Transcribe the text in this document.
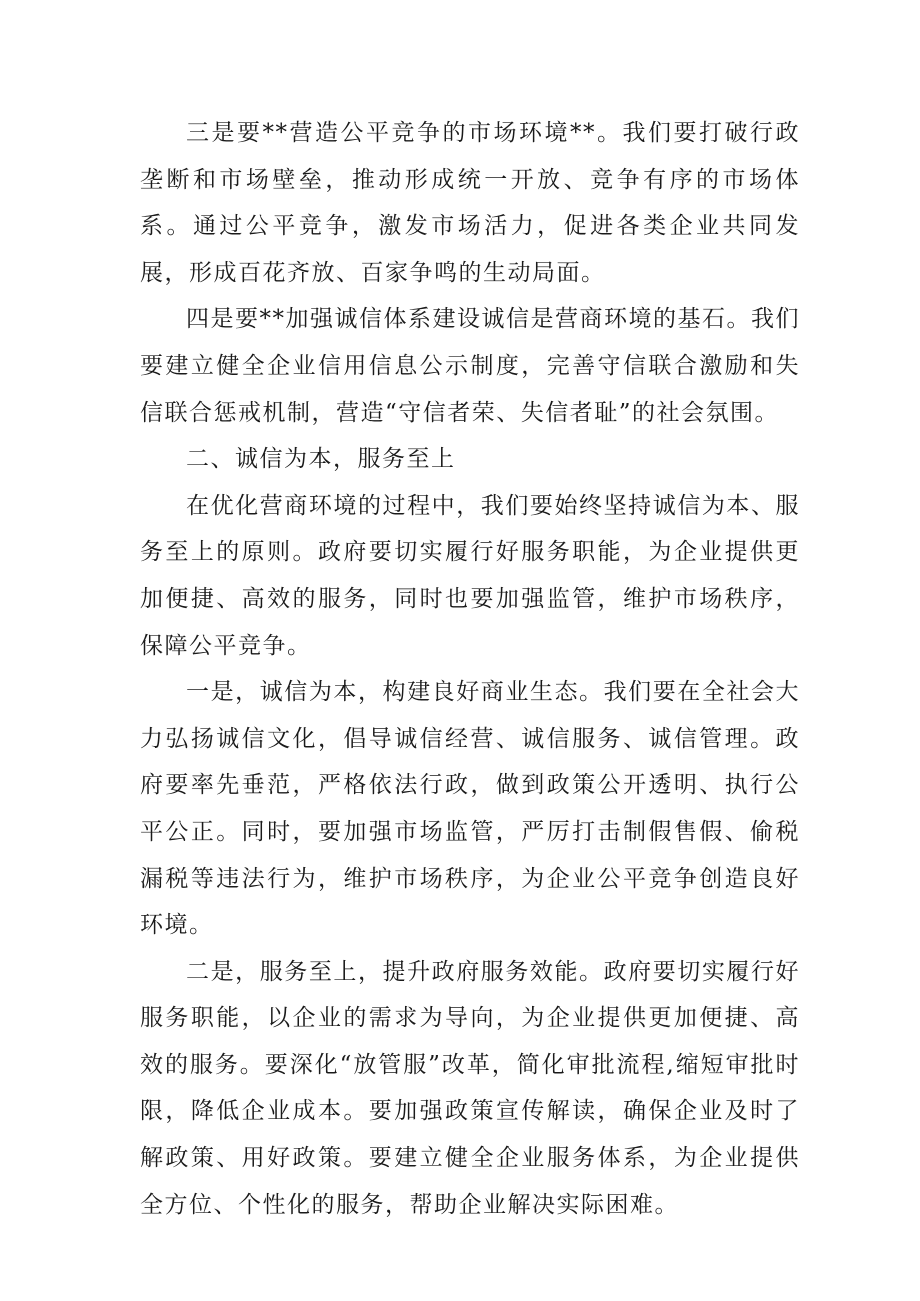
三是要**营造公平竞争的市场环境**。我们要打破行政垄断和市场壁垒，推动形成统一开放、竞争有序的市场体系。通过公平竞争，激发市场活力，促进各类企业共同发展，形成百花齐放、百家争鸣的生动局面。

四是要**加强诚信体系建设诚信是营商环境的基石。我们要建立健全企业信用信息公示制度，完善守信联合激励和失信联合惩戒机制，营造“守信者荣、失信者耻”的社会氛围。

二、诚信为本，服务至上

在优化营商环境的过程中，我们要始终坚持诚信为本、服务至上的原则。政府要切实履行好服务职能，为企业提供更加便捷、高效的服务，同时也要加强监管，维护市场秩序，保障公平竞争。

一是，诚信为本，构建良好商业生态。我们要在全社会大力弘扬诚信文化，倡导诚信经营、诚信服务、诚信管理。政府要率先垂范，严格依法行政，做到政策公开透明、执行公平公正。同时，要加强市场监管，严厉打击制假售假、偷税漏税等违法行为，维护市场秩序，为企业公平竞争创造良好环境。

二是，服务至上，提升政府服务效能。政府要切实履行好服务职能，以企业的需求为导向，为企业提供更加便捷、高效的服务。要深化“放管服”改革，简化审批流程,缩短审批时限，降低企业成本。要加强政策宣传解读，确保企业及时了解政策、用好政策。要建立健全企业服务体系，为企业提供全方位、个性化的服务，帮助企业解决实际困难。
